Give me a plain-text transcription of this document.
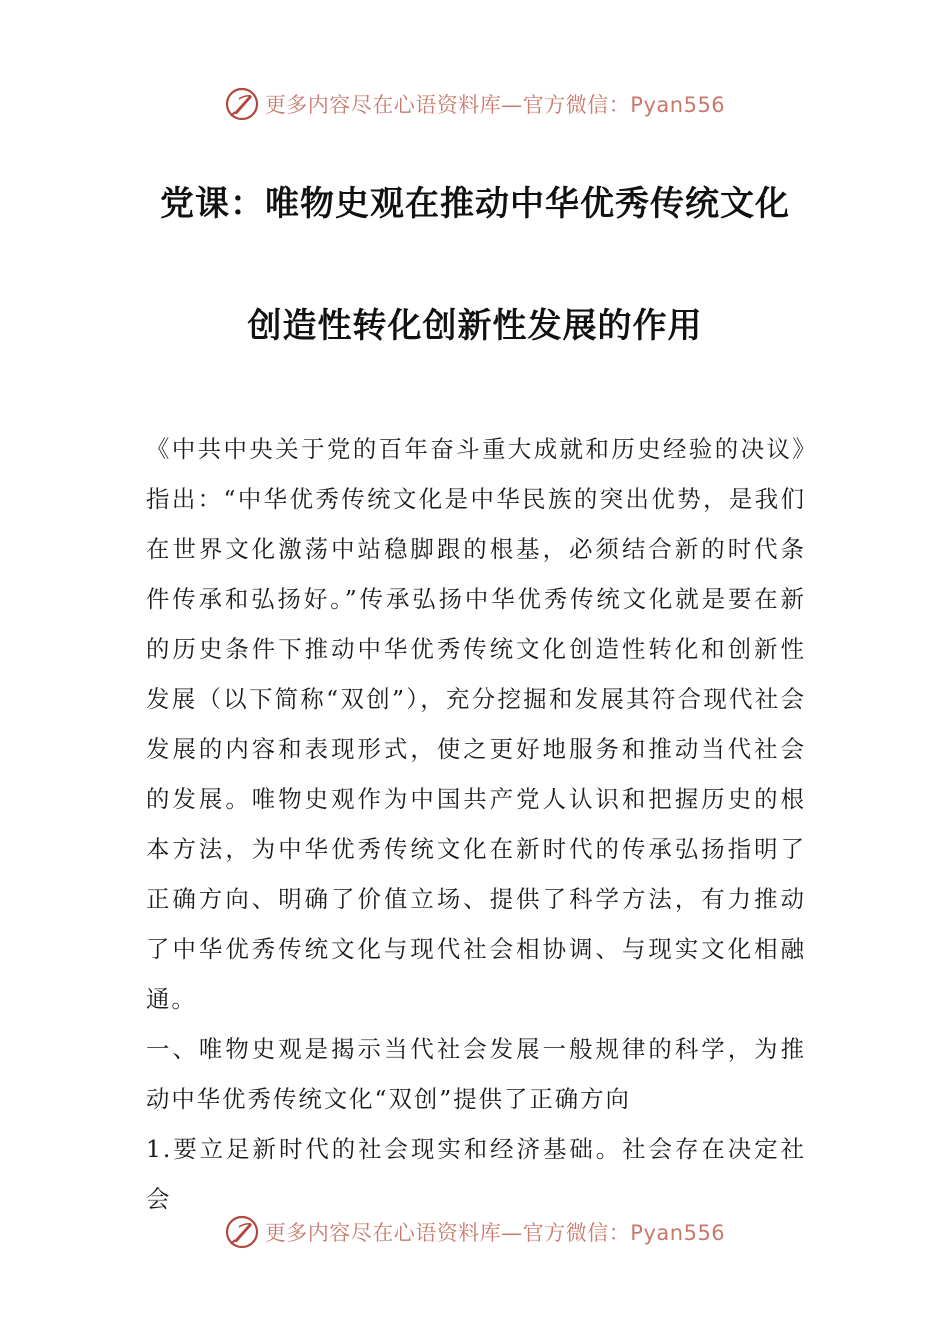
更多内容尽在心语资料库—官方微信：Pyan556
党课：唯物史观在推动中华优秀传统文化
创造性转化创新性发展的作用

《中共中央关于党的百年奋斗重大成就和历史经验的决议》指出：“中华优秀传统文化是中华民族的突出优势，是我们在世界文化激荡中站稳脚跟的根基，必须结合新的时代条件传承和弘扬好。”传承弘扬中华优秀传统文化就是要在新的历史条件下推动中华优秀传统文化创造性转化和创新性发展（以下简称“双创”），充分挖掘和发展其符合现代社会发展的内容和表现形式，使之更好地服务和推动当代社会的发展。唯物史观作为中国共产党人认识和把握历史的根本方法，为中华优秀传统文化在新时代的传承弘扬指明了正确方向、明确了价值立场、提供了科学方法，有力推动了中华优秀传统文化与现代社会相协调、与现实文化相融通。

一、唯物史观是揭示当代社会发展一般规律的科学，为推动中华优秀传统文化“双创”提供了正确方向

1.要立足新时代的社会现实和经济基础。社会存在决定社会

更多内容尽在心语资料库—官方微信：Pyan556
